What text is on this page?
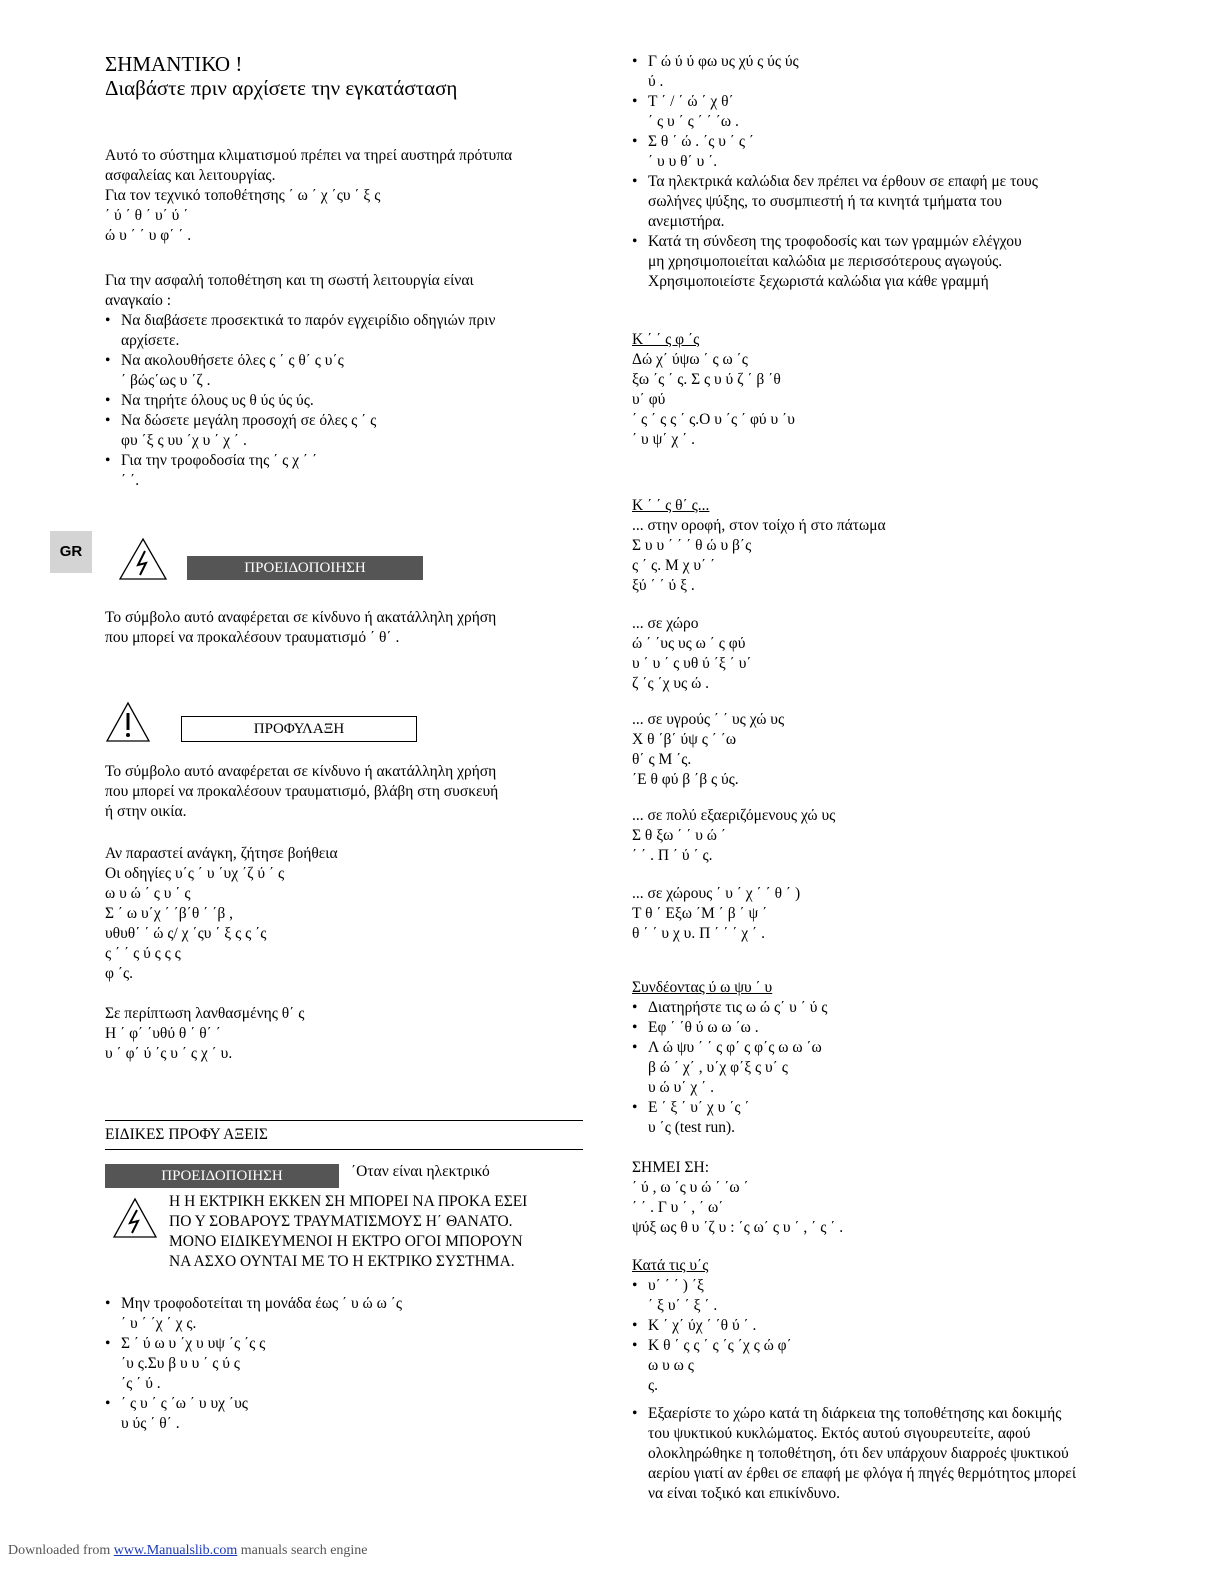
GR
ΣΗΜΑΝΤΙΚΟ !
Διαβάστε πριν αρχίσετε την εγκατάσταση

Αυτό το σύστημα κλιματισμού πρέπει να τηρεί αυστηρά πρότυπα

ασφαλείας και λειτουργίας.

Για τον τεχνικό τοποθέτησης ΄ ω ΄ χ ΄ςυ ΄ ξ ς

΄ ύ ΄ θ ΄ υ΄ ύ ΄

ώ υ ΄ ΄ υ φ΄ ΄ .

Για την ασφαλή τοποθέτηση και τη σωστή λειτουργία είναι

αναγκαίο :

• Να διαβάσετε προσεκτικά το παρόν εγχειρίδιο οδηγιών πριν
αρχίσετε.
• Να ακολουθήσετε όλες ς ΄ ς θ΄ ς υ΄ς
΄ βώς΄ως υ ΄ζ .
• Να τηρήτε όλους υς θ ύς ύς ύς.
• Να δώσετε μεγάλη προσοχή σε όλες ς ΄ ς
φυ ΄ξ ς υυ ΄χ υ ΄ χ ΄ .
• Για την τροφοδοσία της ΄ ς χ ΄ ΄
΄ ΄.
ΠΡΟΕΙΔΟΠΟΙΗΣΗ

Το σύμβολο αυτό αναφέρεται σε κίνδυνο ή ακατάλληλη χρήση

που μπορεί να προκαλέσουν τραυματισμό ΄ θ΄ .

ΠΡΟΦΥΛΑΞΗ

Το σύμβολο αυτό αναφέρεται σε κίνδυνο ή ακατάλληλη χρήση

που μπορεί να προκαλέσουν τραυματισμό, βλάβη στη συσκευή

ή στην οικία.

Αν παραστεί ανάγκη, ζήτησε βοήθεια

Οι οδηγίες υ΄ς ΄ υ ΄υχ ΄ζ ύ ΄ ς

ω υ ώ ΄ ς υ ΄ ς

Σ ΄ ω υ΄χ ΄ ΄β΄θ ΄ ΄β ,

υθυθ΄ ΄ ώ ς/ χ ΄ςυ ΄ ξ ς ς ΄ς

ς ΄ ΄ ς ύ ς ς ς

φ ΄ς.

Σε περίπτωση λανθασμένης θ΄ ς

Η ΄ φ΄ ΄υθύ θ ΄ θ΄ ΄

υ ΄ φ΄ ύ ΄ς υ ΄ ς χ ΄ υ.

ΕΙΔΙΚΕΣ ΠΡΟΦΥ ΑΞΕΙΣ
ΠΡΟΕΙΔΟΠΟΙΗΣΗ	΄Οταν είναι ηλεκτρικό

Η Η ΕΚΤΡΙΚΗ ΕΚΚΕΝ ΣΗ ΜΠΟΡΕΙ ΝΑ ΠΡΟΚΑ ΕΣΕΙ

ΠΟ Υ ΣΟΒΑΡΟΥΣ ΤΡΑΥΜΑΤΙΣΜΟΥΣ Η΄ ΘΑΝΑΤΟ.

ΜΟΝΟ ΕΙΔΙΚΕΥΜΕΝΟΙ Η ΕΚΤΡΟ ΟΓΟΙ ΜΠΟΡΟΥΝ

ΝΑ ΑΣΧΟ ΟΥΝΤΑΙ ΜΕ ΤΟ Η ΕΚΤΡΙΚΟ ΣΥΣΤΗΜΑ.

• Μην τροφοδοτείται τη μονάδα έως ΄ υ ώ ω ΄ς
΄ υ ΄ ΄χ ΄ χ ς.
• Σ ΄ ύ ω υ ΄χ υ υψ ΄ς ΄ς ς
΄υ ς.Συ β υ υ ΄ ς ύ ς
΄ς ΄ ύ .
• ΄ ς υ ΄ ς ΄ω ΄ υ υχ ΄υς
υ ύς ΄ θ΄ .
• Γ ώ ύ ύ φω υς χύ ς ύς ύς
ύ .
• Τ ΄ / ΄ ώ ΄ χ θ΄
΄ ς υ ΄ ς ΄ ΄ ΄ω .
• Σ θ ΄ ώ . ΄ς υ ΄ ς ΄
΄ υ υ θ΄ υ ΄.
• Τα ηλεκτρικά καλώδια δεν πρέπει να έρθουν σε επαφή με τους
σωλήνες ψύξης, το συσμπιεστή ή τα κινητά τμήματα του
ανεμιστήρα.
• Κατά τη σύνδεση της τροφοδοσίς και των γραμμών ελέγχου
μη χρησιμοποιείται καλώδια με περισσότερους αγωγούς.
Χρησιμοποιείστε ξεχωριστά καλώδια για κάθε γραμμή

Κ ΄ ΄ ς φ ΄ς

Δώ χ΄ ύψω ΄ ς ω ΄ς

ξω ΄ς ΄ ς. Σ ς υ ύ ζ ΄ β ΄θ

υ΄ φύ

΄ ς ΄ ς ς ΄ ς.Ο υ ΄ς ΄ φύ υ ΄υ

΄ υ ψ΄ χ ΄ .

Κ ΄ ΄ ς θ΄ ς...

... στην οροφή, στον τοίχο ή στο πάτωμα

Σ υ υ ΄ ΄ ΄ θ ώ υ β΄ς

ς ΄ ς. Μ χ υ΄ ΄

ξύ ΄ ΄ ύ ξ .

... σε χώρο

ώ ΄ ΄υς υς ω ΄ ς φύ

υ ΄ υ ΄ ς υθ ύ ΄ξ ΄ υ΄

ζ ΄ς ΄χ υς ώ .

... σε υγρούς ΄ ΄ υς χώ υς

Χ θ ΄β΄ ύψ ς ΄ ΄ω

θ΄ ς Μ ΄ς.

΄Ε θ φύ β ΄β ς ύς.

... σε πολύ εξαεριζόμενους χώ υς

Σ θ ξω ΄ ΄ υ ώ ΄

΄ ΄ . Π ΄ ύ ΄ ς.

... σε χώρους ΄ υ ΄ χ ΄ ΄ θ ΄ )

Τ θ ΄ Εξω ΄Μ ΄ β ΄ ψ ΄

θ ΄ ΄ υ χ υ. Π ΄ ΄ ΄ χ ΄ .

Συνδέοντας ύ ω ψυ ΄ υ

• Διατηρήστε τις ω ώ ς΄ υ ΄ ύ ς
• Εφ ΄ ΄θ ύ ω ω ΄ω .
• Λ ώ ψυ ΄ ΄ ς φ΄ ς φ΄ς ω ω ΄ω
β ώ ΄ χ΄ , υ΄χ φ΄ξ ς υ΄ ς
υ ώ υ΄ χ ΄ .
• Ε ΄ ξ ΄ υ΄ χ υ ΄ς ΄
υ ΄ς (test run).

ΣΗΜΕΙ ΣΗ:

΄ ύ , ω ΄ς υ ώ ΄ ΄ω ΄

΄ ΄ . Γ υ ΄ , ΄ ω΄

ψύξ ως θ υ ΄ζ υ : ΄ς ω΄ ς υ ΄ , ΄ ς ΄ .

Κατά τις υ΄ς

• υ΄ ΄ ΄ ) ΄ξ
΄ ξ υ΄ ΄ ξ ΄ .
• Κ ΄ χ΄ ύχ ΄ ΄θ ύ ΄ .
• Κ θ ΄ ς ς ΄ ς ΄ς ΄χ ς ώ φ΄
ω υ ω ς
ς.
• Εξαερίστε το χώρο κατά τη διάρκεια της τοποθέτησης και δοκιμής
του ψυκτικού κυκλώματος. Εκτός αυτού σιγουρευτείτε, αφού
ολοκληρώθηκε η τοποθέτηση, ότι δεν υπάρχουν διαρροές ψυκτικού
αερίου γιατί αν έρθει σε επαφή με φλόγα ή πηγές θερμότητος μπορεί
να είναι τοξικό και επικίνδυνο.
Downloaded from www.Manualslib.com manuals search engine
